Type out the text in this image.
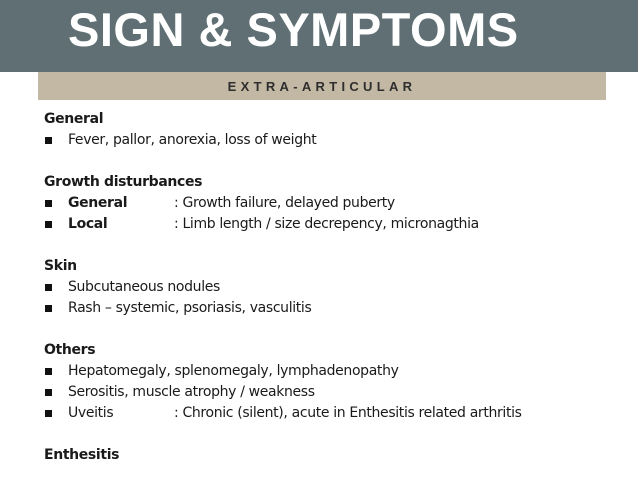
SIGN & SYMPTOMS
EXTRA-ARTICULAR
General
Fever, pallor, anorexia, loss of weight
Growth disturbances
General	: Growth failure, delayed puberty
Local	: Limb length / size decrepency, micronagthia
Skin
Subcutaneous nodules
Rash – systemic, psoriasis, vasculitis
Others
Hepatomegaly, splenomegaly, lymphadenopathy
Serositis, muscle atrophy / weakness
Uveitis	: Chronic (silent), acute in Enthesitis related arthritis
Enthesitis
